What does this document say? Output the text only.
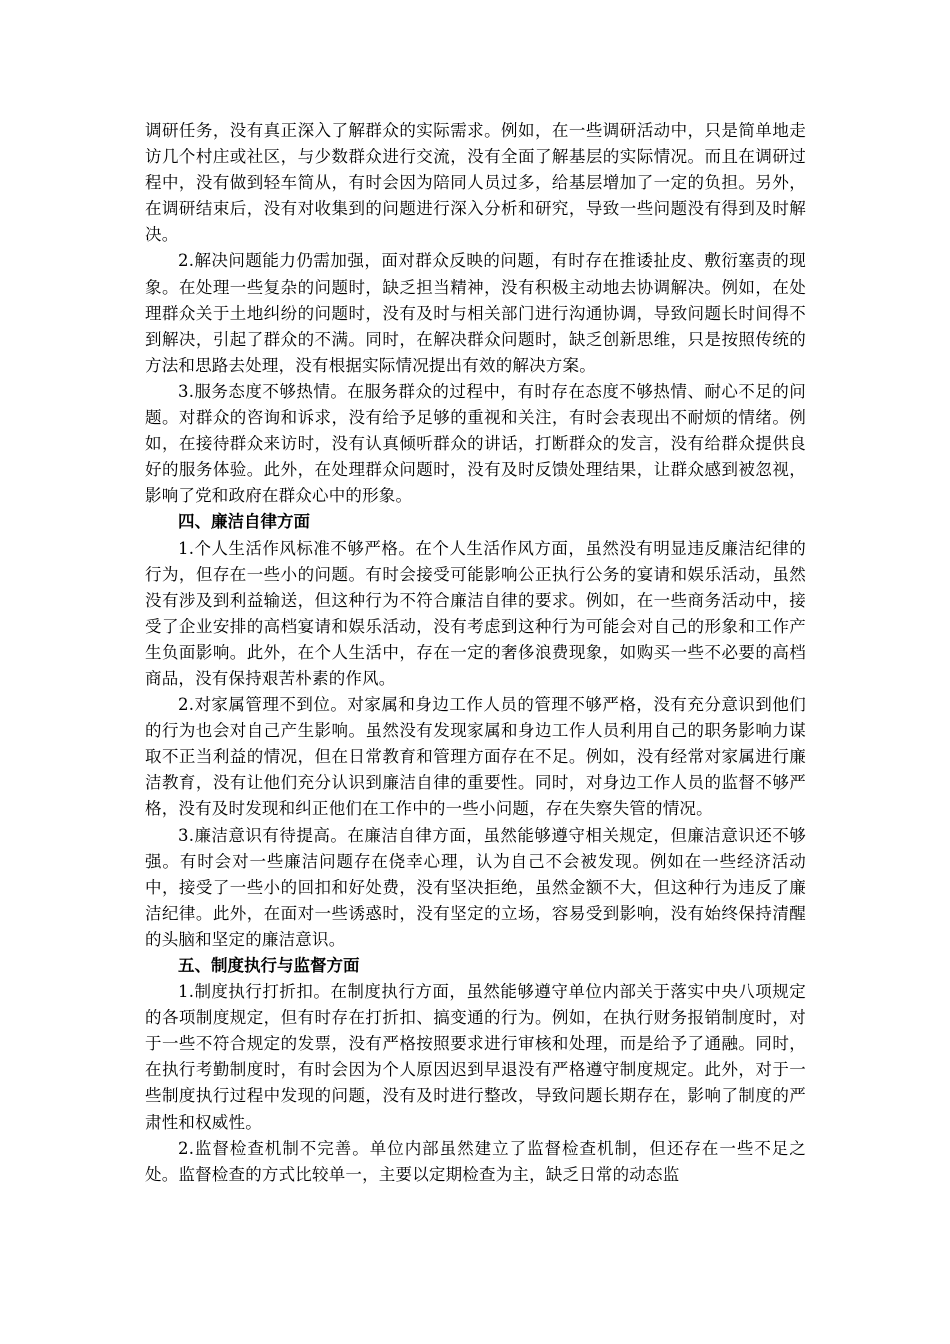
调研任务，没有真正深入了解群众的实际需求。例如，在一些调研活动中，只是简单地走访几个村庄或社区，与少数群众进行交流，没有全面了解基层的实际情况。而且在调研过程中，没有做到轻车简从，有时会因为陪同人员过多，给基层增加了一定的负担。另外，在调研结束后，没有对收集到的问题进行深入分析和研究，导致一些问题没有得到及时解决。

2.解决问题能力仍需加强，面对群众反映的问题，有时存在推诿扯皮、敷衍塞责的现象。在处理一些复杂的问题时，缺乏担当精神，没有积极主动地去协调解决。例如，在处理群众关于土地纠纷的问题时，没有及时与相关部门进行沟通协调，导致问题长时间得不到解决，引起了群众的不满。同时，在解决群众问题时，缺乏创新思维，只是按照传统的方法和思路去处理，没有根据实际情况提出有效的解决方案。

3.服务态度不够热情。在服务群众的过程中，有时存在态度不够热情、耐心不足的问题。对群众的咨询和诉求，没有给予足够的重视和关注，有时会表现出不耐烦的情绪。例如，在接待群众来访时，没有认真倾听群众的讲话，打断群众的发言，没有给群众提供良好的服务体验。此外，在处理群众问题时，没有及时反馈处理结果，让群众感到被忽视，影响了党和政府在群众心中的形象。

四、廉洁自律方面

1.个人生活作风标准不够严格。在个人生活作风方面，虽然没有明显违反廉洁纪律的行为，但存在一些小的问题。有时会接受可能影响公正执行公务的宴请和娱乐活动，虽然没有涉及到利益输送，但这种行为不符合廉洁自律的要求。例如，在一些商务活动中，接受了企业安排的高档宴请和娱乐活动，没有考虑到这种行为可能会对自己的形象和工作产生负面影响。此外，在个人生活中，存在一定的奢侈浪费现象，如购买一些不必要的高档商品，没有保持艰苦朴素的作风。

2.对家属管理不到位。对家属和身边工作人员的管理不够严格，没有充分意识到他们的行为也会对自己产生影响。虽然没有发现家属和身边工作人员利用自己的职务影响力谋取不正当利益的情况，但在日常教育和管理方面存在不足。例如，没有经常对家属进行廉洁教育，没有让他们充分认识到廉洁自律的重要性。同时，对身边工作人员的监督不够严格，没有及时发现和纠正他们在工作中的一些小问题，存在失察失管的情况。

3.廉洁意识有待提高。在廉洁自律方面，虽然能够遵守相关规定，但廉洁意识还不够强。有时会对一些廉洁问题存在侥幸心理，认为自己不会被发现。例如在一些经济活动中，接受了一些小的回扣和好处费，没有坚决拒绝，虽然金额不大，但这种行为违反了廉洁纪律。此外，在面对一些诱惑时，没有坚定的立场，容易受到影响，没有始终保持清醒的头脑和坚定的廉洁意识。

五、制度执行与监督方面

1.制度执行打折扣。在制度执行方面，虽然能够遵守单位内部关于落实中央八项规定的各项制度规定，但有时存在打折扣、搞变通的行为。例如，在执行财务报销制度时，对于一些不符合规定的发票，没有严格按照要求进行审核和处理，而是给予了通融。同时，在执行考勤制度时，有时会因为个人原因迟到早退没有严格遵守制度规定。此外，对于一些制度执行过程中发现的问题，没有及时进行整改，导致问题长期存在，影响了制度的严肃性和权威性。

2.监督检查机制不完善。单位内部虽然建立了监督检查机制，但还存在一些不足之处。监督检查的方式比较单一，主要以定期检查为主，缺乏日常的动态监
